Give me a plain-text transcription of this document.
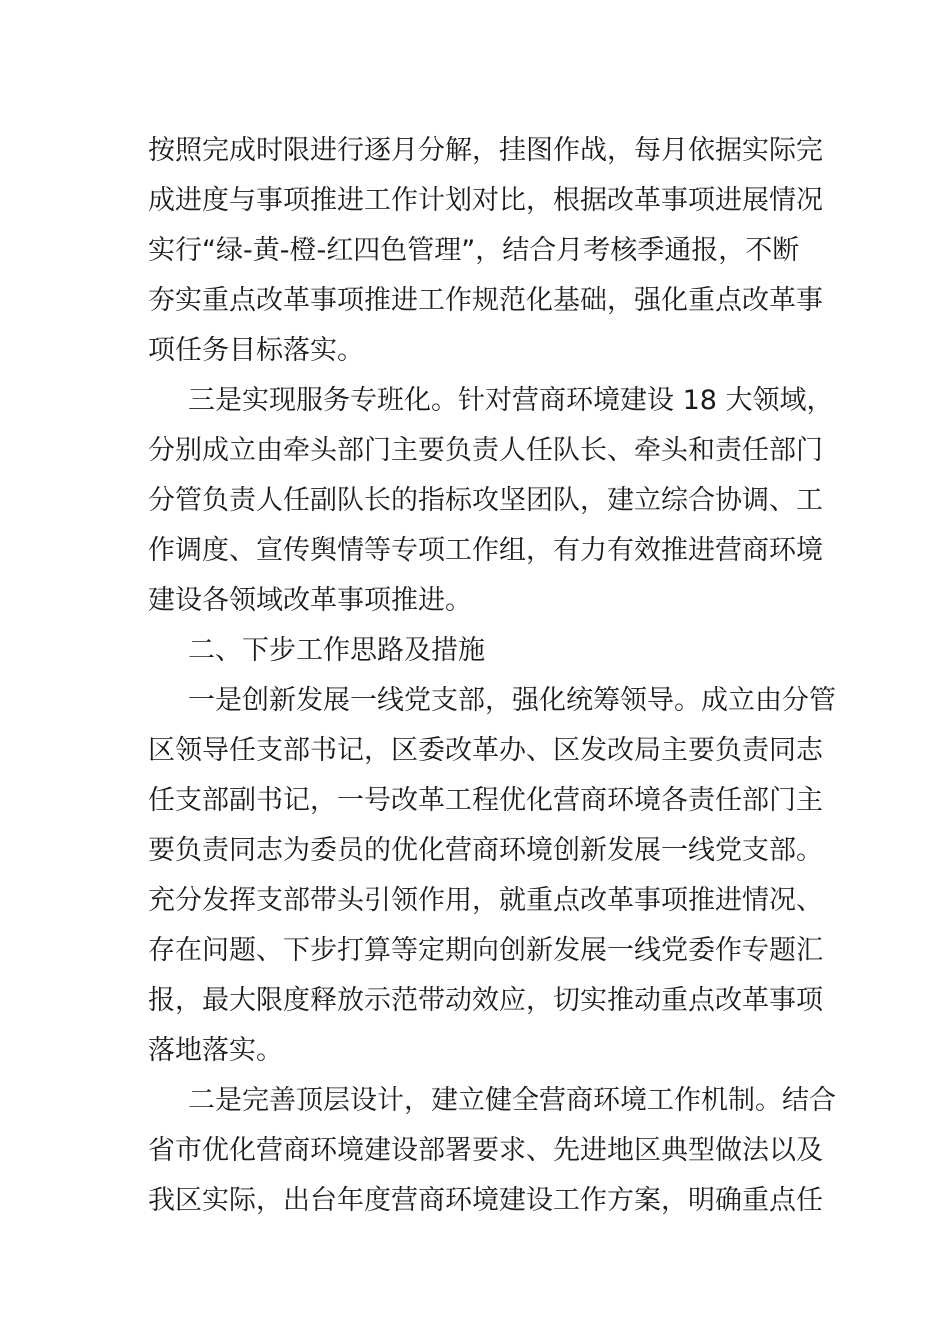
按照完成时限进行逐月分解，挂图作战，每月依据实际完
成进度与事项推进工作计划对比，根据改革事项进展情况
实行“绿-黄-橙-红四色管理”，结合月考核季通报，不断
夯实重点改革事项推进工作规范化基础，强化重点改革事
项任务目标落实。
三是实现服务专班化。针对营商环境建设 18 大领域，
分别成立由牵头部门主要负责人任队长、牵头和责任部门
分管负责人任副队长的指标攻坚团队，建立综合协调、工
作调度、宣传舆情等专项工作组，有力有效推进营商环境
建设各领域改革事项推进。
二、下步工作思路及措施
一是创新发展一线党支部，强化统筹领导。成立由分管
区领导任支部书记，区委改革办、区发改局主要负责同志
任支部副书记，一号改革工程优化营商环境各责任部门主
要负责同志为委员的优化营商环境创新发展一线党支部。
充分发挥支部带头引领作用，就重点改革事项推进情况、
存在问题、下步打算等定期向创新发展一线党委作专题汇
报，最大限度释放示范带动效应，切实推动重点改革事项
落地落实。
二是完善顶层设计，建立健全营商环境工作机制。结合
省市优化营商环境建设部署要求、先进地区典型做法以及
我区实际，出台年度营商环境建设工作方案，明确重点任
